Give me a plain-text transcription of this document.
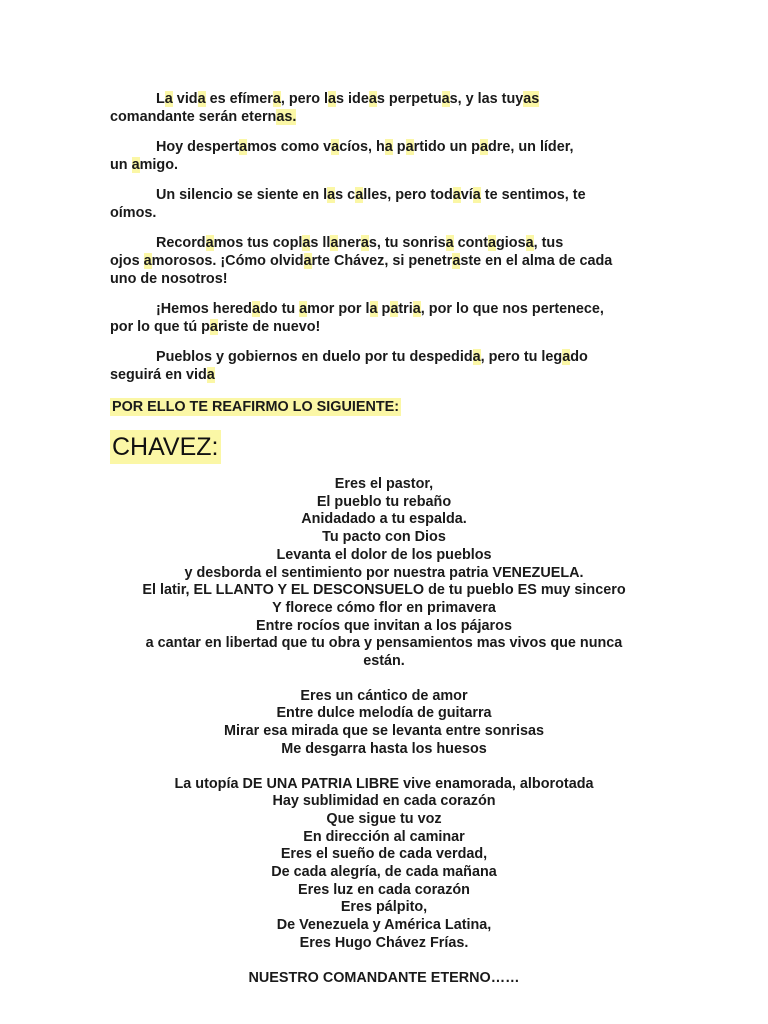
La vida es efímera, pero las ideas perpetuas, y las tuyas
comandante serán eternas.

Hoy despertamos como vacíos, ha partido un padre, un líder,
un amigo.

Un silencio se siente en las calles, pero todavía te sentimos, te
oímos.

Recordamos tus coplas llaneras, tu sonrisa contagiosa, tus
ojos amorosos. ¡Cómo olvidarte Chávez, si penetraste en el alma de cada
uno de nosotros!

¡Hemos heredado tu amor por la patria, por lo que nos pertenece,
por lo que tú pariste de nuevo!

Pueblos y gobiernos en duelo por tu despedida, pero tu legado
seguirá en vida

POR ELLO TE REAFIRMO LO SIGUIENTE:
CHAVEZ:
Eres el pastor,
El pueblo tu rebaño
Anidadado a tu espalda.
Tu pacto con Dios
Levanta el dolor de los pueblos
y desborda el sentimiento por nuestra patria VENEZUELA.
El latir, EL LLANTO Y EL DESCONSUELO de tu pueblo ES muy sincero
Y florece cómo flor en primavera
Entre rocíos que invitan a los pájaros
a cantar en libertad que tu obra y pensamientos mas vivos que nunca
están.
Eres un cántico de amor
Entre dulce melodía de guitarra
Mirar esa mirada que se levanta entre sonrisas
Me desgarra hasta los huesos
La utopía DE UNA PATRIA LIBRE vive enamorada, alborotada
Hay sublimidad en cada corazón
Que sigue tu voz
En dirección al caminar
Eres el sueño de cada verdad,
De cada alegría, de cada mañana
Eres luz en cada corazón
Eres pálpito,
De Venezuela y América Latina,
Eres Hugo Chávez Frías.
NUESTRO COMANDANTE ETERNO……
